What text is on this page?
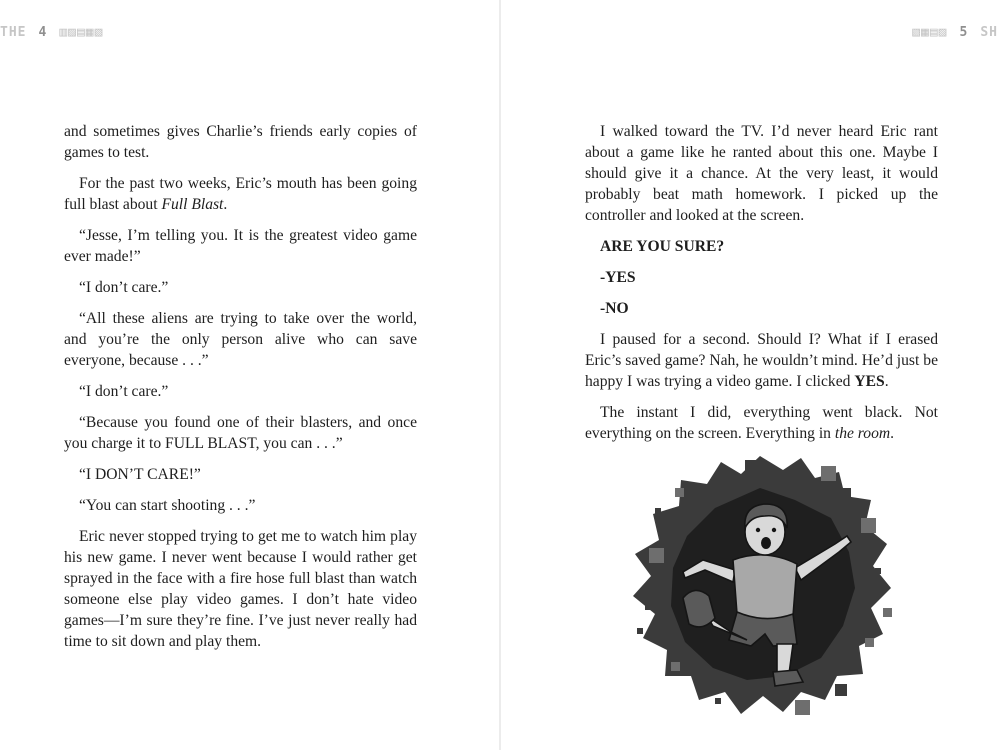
THE 4 ▥▨▤▦▧	▧▦▤▨ 5 SH

and sometimes gives Charlie’s friends early copies of games to test.

For the past two weeks, Eric’s mouth has been going full blast about Full Blast.

“Jesse, I’m telling you. It is the greatest video game ever made!”

“I don’t care.”

“All these aliens are trying to take over the world, and you’re the only person alive who can save everyone, because . . .”

“I don’t care.”

“Because you found one of their blasters, and once you charge it to FULL BLAST, you can . . .”

“I DON’T CARE!”

“You can start shooting . . .”

Eric never stopped trying to get me to watch him play his new game. I never went because I would rather get sprayed in the face with a fire hose full blast than watch someone else play video games. I don’t hate video games—I’m sure they’re fine. I’ve just never really had time to sit down and play them.

I walked toward the TV. I’d never heard Eric rant about a game like he ranted about this one. Maybe I should give it a chance. At the very least, it would probably beat math homework. I picked up the controller and looked at the screen.

ARE YOU SURE?

-YES

-NO

I paused for a second. Should I? What if I erased Eric’s saved game? Nah, he wouldn’t mind. He’d just be happy I was trying a video game. I clicked YES.

The instant I did, everything went black. Not everything on the screen. Everything in the room.
